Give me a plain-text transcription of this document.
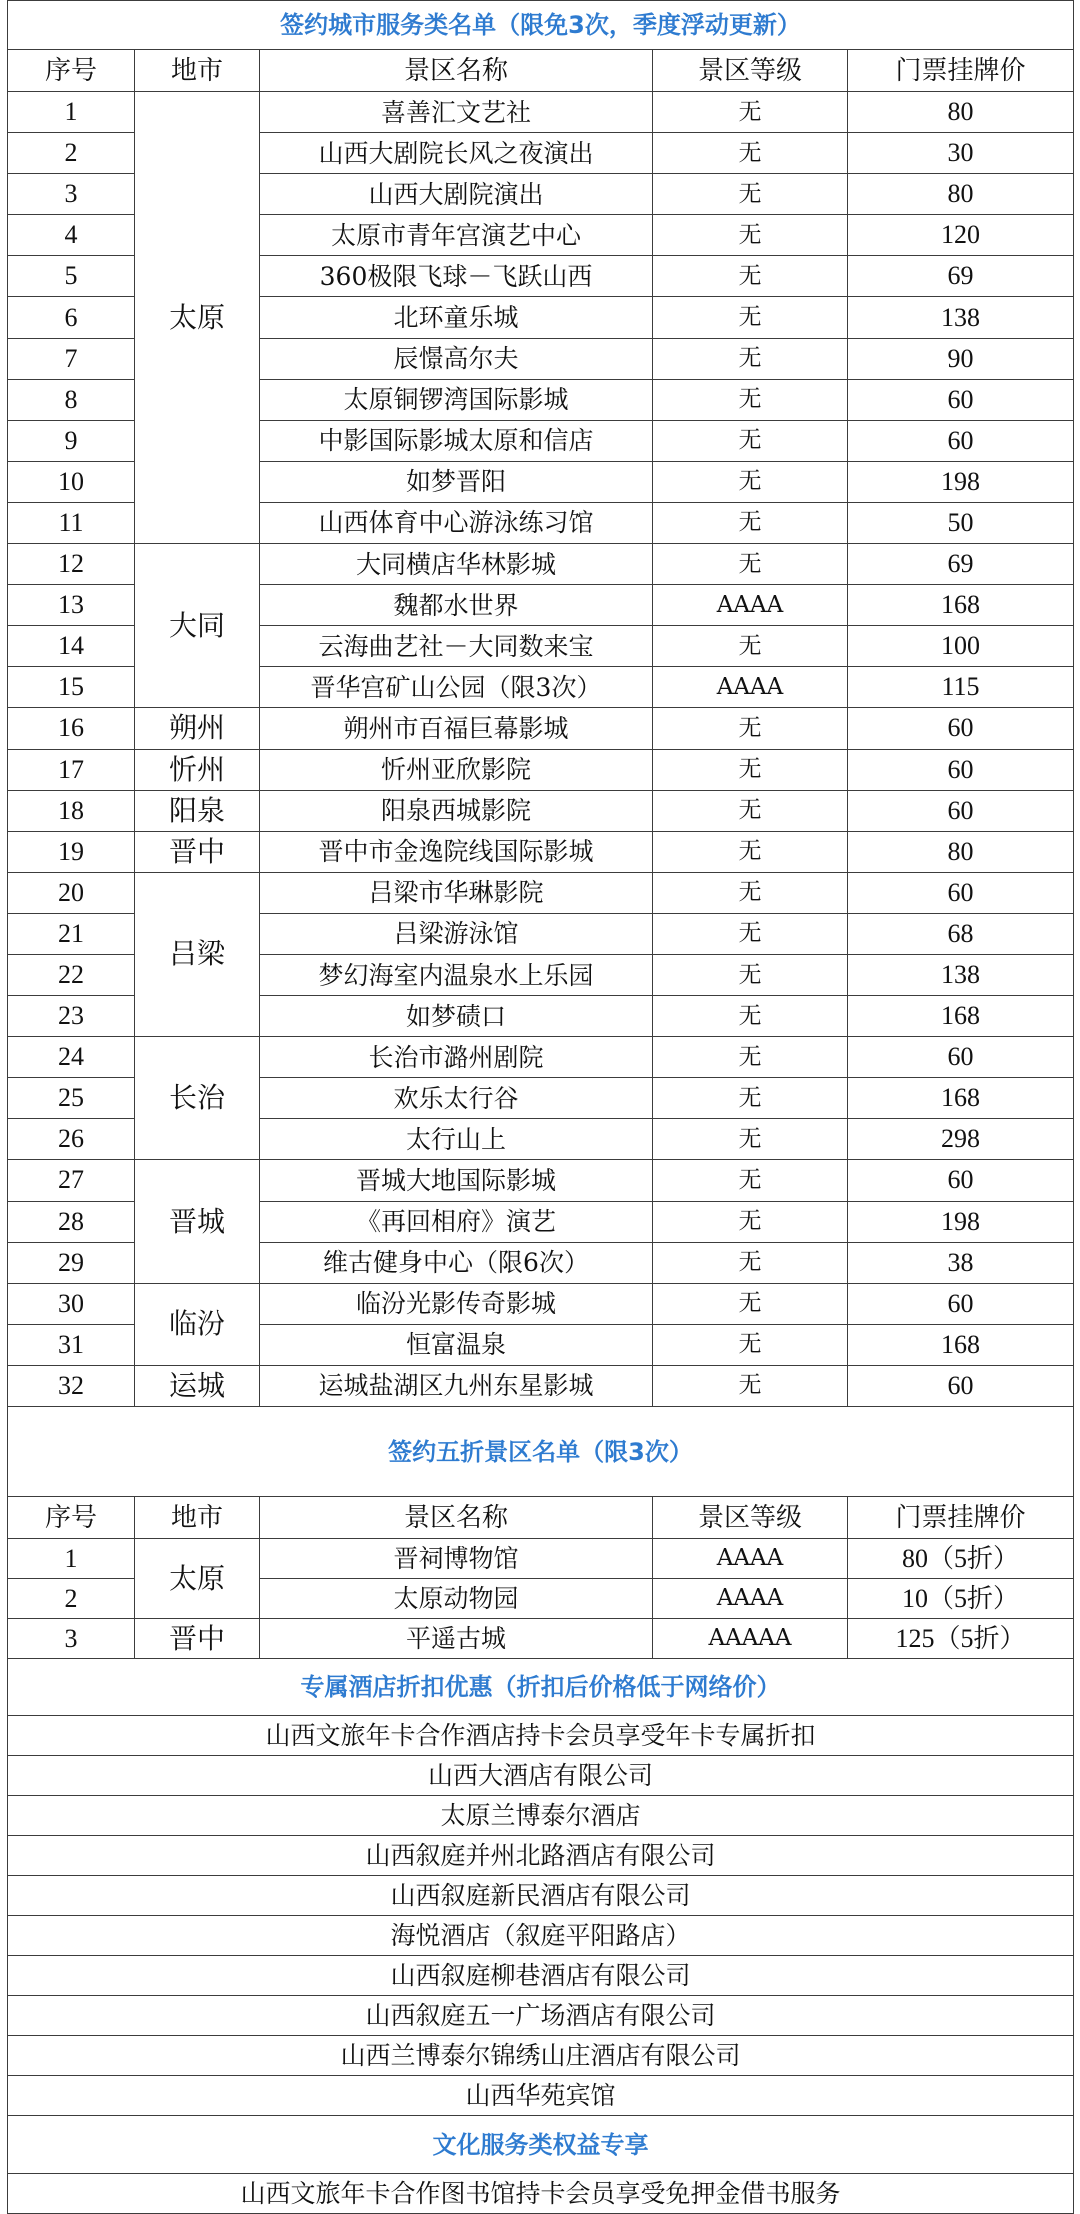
签约城市服务类名单（限免3次，季度浮动更新）				
序号	地市	景区名称	景区等级	门票挂牌价
1	太原	喜善汇文艺社	无	80
2		山西大剧院长风之夜演出	无	30
3		山西大剧院演出	无	80
4		太原市青年宫演艺中心	无	120
5		360极限飞球－飞跃山西	无	69
6		北环童乐城	无	138
7		辰憬高尔夫	无	90
8		太原铜锣湾国际影城	无	60
9		中影国际影城太原和信店	无	60
10		如梦晋阳	无	198
11		山西体育中心游泳练习馆	无	50
12	大同	大同横店华林影城	无	69
13		魏都水世界	AAAA	168
14		云海曲艺社－大同数来宝	无	100
15		晋华宫矿山公园（限3次）	AAAA	115
16	朔州	朔州市百福巨幕影城	无	60
17	忻州	忻州亚欣影院	无	60
18	阳泉	阳泉西城影院	无	60
19	晋中	晋中市金逸院线国际影城	无	80
20	吕梁	吕梁市华琳影院	无	60
21		吕梁游泳馆	无	68
22		梦幻海室内温泉水上乐园	无	138
23		如梦碛口	无	168
24	长治	长治市潞州剧院	无	60
25		欢乐太行谷	无	168
26		太行山上	无	298
27	晋城	晋城大地国际影城	无	60
28		《再回相府》演艺	无	198
29		维古健身中心（限6次）	无	38
30	临汾	临汾光影传奇影城	无	60
31		恒富温泉	无	168
32	运城	运城盐湖区九州东星影城	无	60
签约五折景区名单（限3次）				
序号	地市	景区名称	景区等级	门票挂牌价
1	太原	晋祠博物馆	AAAA	80（5折）
2		太原动物园	AAAA	10（5折）
3	晋中	平遥古城	AAAAA	125（5折）
专属酒店折扣优惠（折扣后价格低于网络价）				
山西文旅年卡合作酒店持卡会员享受年卡专属折扣				
山西大酒店有限公司				
太原兰博泰尔酒店				
山西叙庭并州北路酒店有限公司				
山西叙庭新民酒店有限公司				
海悦酒店（叙庭平阳路店）				
山西叙庭柳巷酒店有限公司				
山西叙庭五一广场酒店有限公司				
山西兰博泰尔锦绣山庄酒店有限公司				
山西华苑宾馆				
文化服务类权益专享				
山西文旅年卡合作图书馆持卡会员享受免押金借书服务				
